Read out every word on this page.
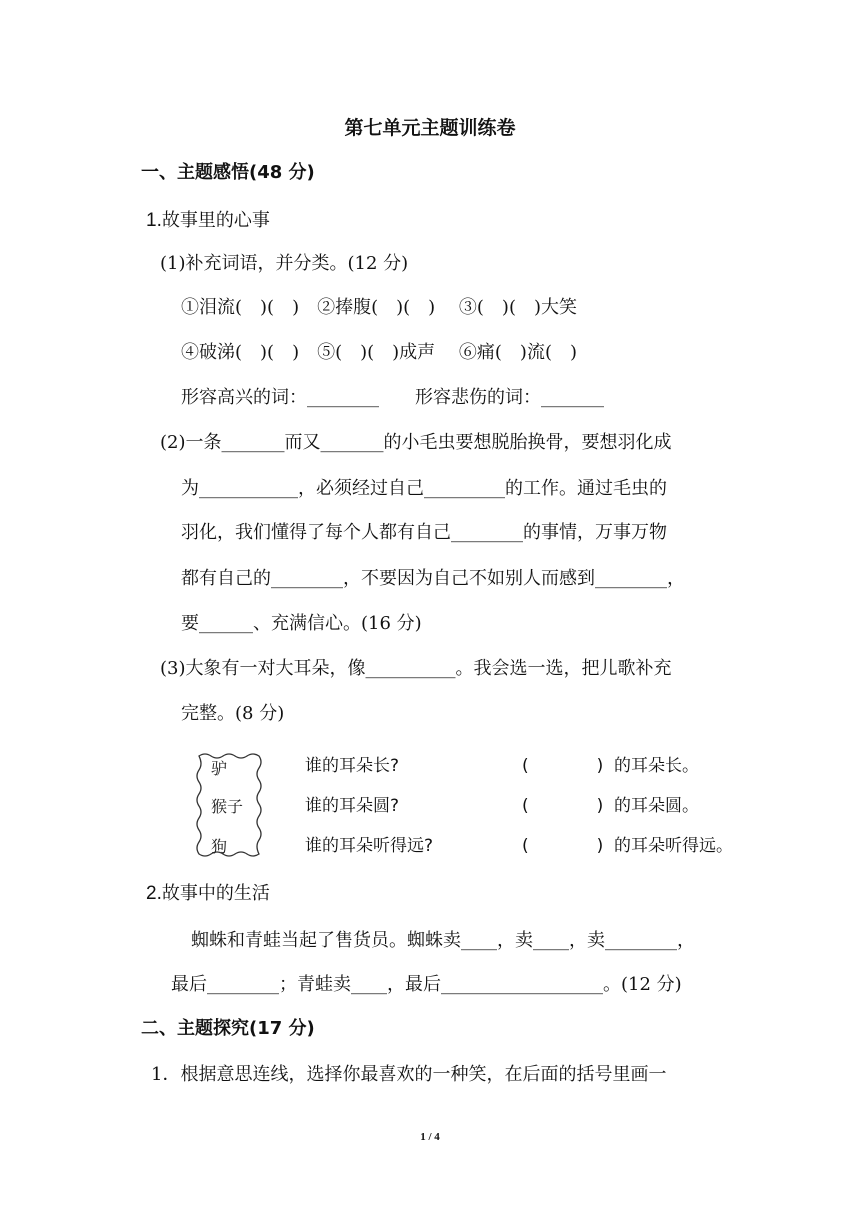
第七单元主题训练卷
一、主题感悟(48 分)
1.故事里的心事
(1)补充词语，并分类。(12 分)
①泪流(　)(　)　②捧腹(　)(　)　 ③(　)(　)大笑
④破涕(　)(　)　⑤(　)(　)成声　 ⑥痛(　)流(　)
形容高兴的词：________　　形容悲伤的词：_______
(2)一条_______而又_______的小毛虫要想脱胎换骨，要想羽化成
为___________，必须经过自己_________的工作。通过毛虫的
羽化，我们懂得了每个人都有自己________的事情，万事万物
都有自己的________，不要因为自己不如别人而感到________，
要______、充满信心。(16 分)
(3)大象有一对大耳朵，像__________。我会选一选，把儿歌补充
完整。(8 分)
驴
猴子
狗
谁的耳朵长?
谁的耳朵圆?
谁的耳朵听得远?
(　　　　)
(　　　　)
(　　　　)
的耳朵长。
的耳朵圆。
的耳朵听得远。
2.故事中的生活
蜘蛛和青蛙当起了售货员。蜘蛛卖____，卖____，卖________，
最后________；青蛙卖____，最后__________________。(12 分)
二、主题探究(17 分)
1．根据意思连线，选择你最喜欢的一种笑，在后面的括号里画一
1 / 4
